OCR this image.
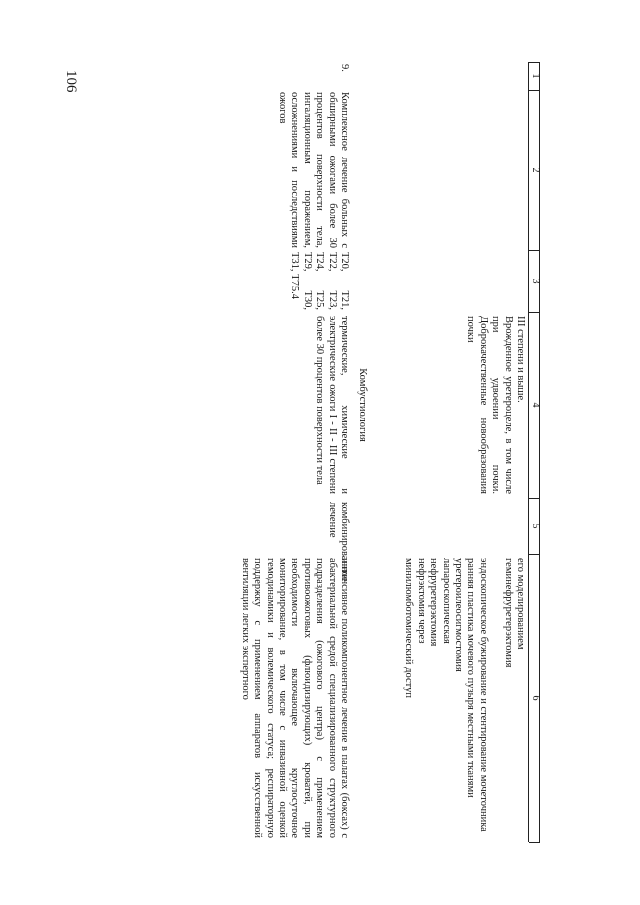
106	1
2
3
4
5
6
III степени и выше.
Врожденное уретероцеле, в том числе при удвоении почки. Доброкачественные новообразования почки
его моделированием
геминефруретерэктомия

эндоскопическое бужирование и стентирование мочеточника
ранняя пластика мочевого пузыря местными тканями
уретероилеосигмостомия
лапароскопическая
нефруретерэктомия
нефрэктомия через
минилюмботомический доступ
Комбустиология
9.
Комплексное лечение больных с обширными ожогами более 30 процентов поверхности тела, ингаляционным поражением, осложнениями и последствиями ожогов
Т20, Т21, Т22, Т23, Т24, Т25, Т29, Т30, Т31, Т75.4
термические, химические и электрические ожоги I - II - III степени более 30 процентов поверхности тела
комбинированное лечение
интенсивное поликомпонентное лечение в палатах (боксах) с абактериальной средой специализированного структурного подразделения (ожогового центра) с применением противоожоговых (флюидизирующих) кроватей, при необходимости включающее круглосуточное мониторирование, в том числе с инвазивной оценкой гемодинамики и волемического статуса; респираторную поддержку с применением аппаратов искусственной вентиляции легких экспертного
